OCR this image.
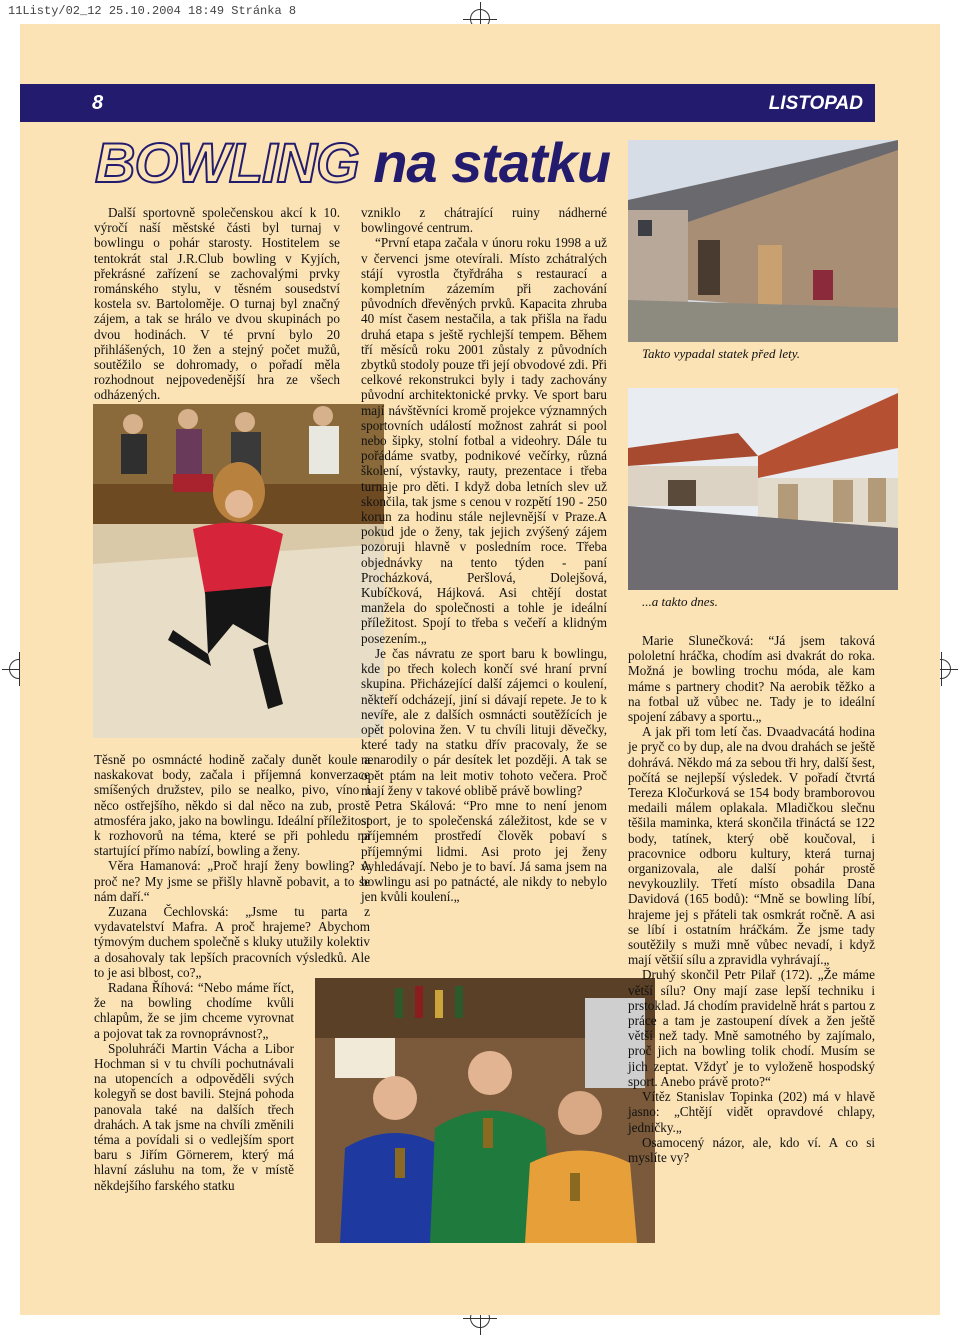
11Listy/02_12 25.10.2004 18:49 Stránka 8
8	LISTOPAD
BOWLING na statku
Takto vypadal statek před lety.
...a takto dnes.

Další sportovně společenskou akcí k 10. výročí naší městské části byl turnaj v bowlingu o pohár starosty. Hostitelem se tentokrát stal J.R.Club bowling v Kyjích, překrásné zařízení se zachovalými prvky románského stylu, v těsném sousedství kostela sv. Bartoloměje. O turnaj byl značný zájem, a tak se hrálo ve dvou skupinách po dvou hodinách. V té první bylo 20 přihlášených, 10 žen a stejný počet mužů, soutěžilo se dohromady, o pořadí měla rozhodnout nejpovedenější hra ze všech odházených.

Těsně po osmnácté hodině začaly dunět koule a naskakovat body, začala i příjemná konverzace smíšených družstev, pilo se nealko, pivo, víno i něco ostřejšího, někdo si dal něco na zub, prostě atmosféra jako, jako na bowlingu. Ideální příležitost k rozhovorů na téma, které se při pohledu na startující přímo nabízí, bowling a ženy.

Věra Hamanová: „Proč hrají ženy bowling? A proč ne? My jsme se přišly hlavně pobavit, a to se nám daří.“

Zuzana Čechlovská: „Jsme tu parta z vydavatelství Mafra. A proč hrajeme? Abychom týmovým duchem společně s kluky utužily kolektiv a dosahovaly tak lepších pracovních výsledků. Ale to je asi blbost, co?„

Radana Říhová: “Nebo máme říct, že na bowling chodíme kvůli chlapům, že se jim chceme vyrovnat a pojovat tak za rovnoprávnost?„

Spoluhráči Martin Vácha a Libor Hochman si v tu chvíli pochutnávali na utopencích a odpověděli svých kolegyň se dost bavili. Stejná pohoda panovala také na dalších třech drahách. A tak jsme na chvíli změnili téma a povídali si o vedlejším sport baru s Jiřím Görnerem, který má hlavní zásluhu na tom, že v místě někdejšího farského statku

vzniklo z chátrající ruiny nádherné bowlingové centrum.

“První etapa začala v únoru roku 1998 a už v červenci jsme otevírali. Místo zchátralých stájí vyrostla čtyřdráha s restaurací a kompletním zázemím při zachování původních dřevěných prvků. Kapacita zhruba 40 míst časem nestačila, a tak přišla na řadu druhá etapa s ještě rychlejší tempem. Během tří měsíců roku 2001 zůstaly z původních zbytků stodoly pouze tři její obvodové zdi. Při celkové rekonstrukci byly i tady zachovány původní architektonické prvky. Ve sport baru mají návštěvníci kromě projekce významných sportovních událostí možnost zahrát si pool nebo šipky, stolní fotbal a videohry. Dále tu pořádáme svatby, podnikové večírky, různá školení, výstavky, rauty, prezentace i třeba turnaje pro děti. I když doba letních slev už skončila, tak jsme s cenou v rozpětí 190 - 250 korun za hodinu stále nejlevnější v Praze.A pokud jde o ženy, tak jejich zvýšený zájem pozoruji hlavně v posledním roce. Třeba objednávky na tento týden - paní Procházková, Peršlová, Dolejšová, Kubíčková, Hájková. Asi chtějí dostat manžela do společnosti a tohle je ideální příležitost. Spojí to třeba s večeří a klidným posezením.„

Je čas návratu ze sport baru k bowlingu, kde po třech kolech končí své hraní první skupina. Přicházející další zájemci o koulení, někteří odcházejí, jiní si dávají repete. Je to k nevíře, ale z dalších osmnácti soutěžících je opět polovina žen. V tu chvíli lituji děvečky, které tady na statku dřív pracovaly, že se nenarodily o pár desítek let později. A tak se opět ptám na leit motiv tohoto večera. Proč mají ženy v takové oblibě právě bowling?

Petra Skálová: “Pro mne to není jenom sport, je to společenská záležitost, kde se v příjemném prostředí člověk pobaví s příjemnými lidmi. Asi proto jej ženy vyhledávají. Nebo je to baví. Já sama jsem na bowlingu asi po patnácté, ale nikdy to nebylo jen kvůli koulení.„

Marie Slunečková: “Já jsem taková pololetní hráčka, chodím asi dvakrát do roka. Možná je bowling trochu móda, ale kam máme s partnery chodit? Na aerobik těžko a na fotbal už vůbec ne. Tady je to ideální spojení zábavy a sportu.„

A jak při tom letí čas. Dvaadvacátá hodina je pryč co by dup, ale na dvou drahách se ještě dohrává. Někdo má za sebou tři hry, další šest, počítá se nejlepší výsledek. V pořadí čtvrtá Tereza Kločurková se 154 body bramborovou medaili málem oplakala. Mladičkou slečnu těšila maminka, která skončila třináctá se 122 body, tatínek, který obě koučoval, i pracovnice odboru kultury, která turnaj organizovala, ale další pohár prostě nevykouzlily. Třetí místo obsadila Dana Davidová (165 bodů): “Mně se bowling líbí, hrajeme jej s přáteli tak osmkrát ročně. A asi se líbí i ostatním hráčkám. Že jsme tady soutěžily s muži mně vůbec nevadí, i když mají většií sílu a zpravidla vyhrávají.„

Druhý skončil Petr Pilař (172). „Že máme větší sílu? Ony mají zase lepší techniku i prstoklad. Já chodím pravidelně hrát s partou z práce a tam je zastoupení dívek a žen ještě větší než tady. Mně samotného by zajímalo, proč jich na bowling tolik chodí. Musím se jich zeptat. Vždyť je to vyloženě hospodský sport. Anebo právě proto?“

Vítěz Stanislav Topinka (202) má v hlavě jasno: „Chtějí vidět opravdové chlapy, jedničky.„

Osamocený názor, ale, kdo ví. A co si myslíte vy?
